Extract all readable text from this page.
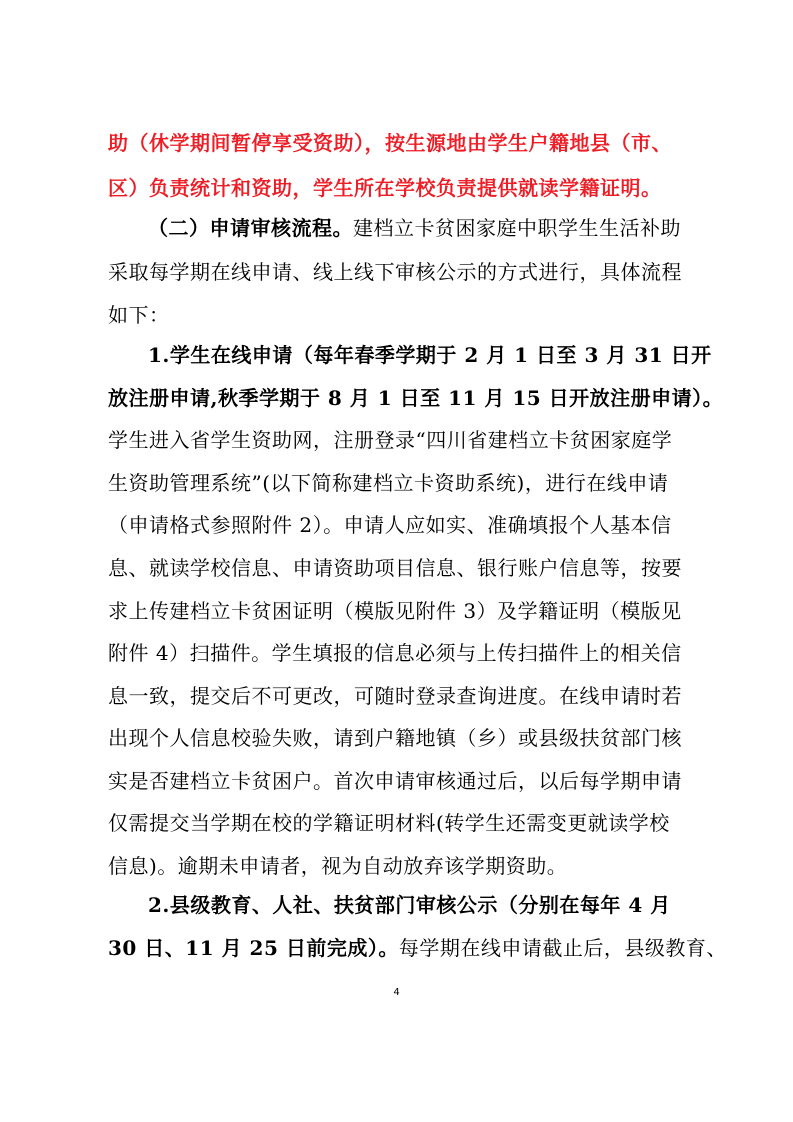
助（休学期间暂停享受资助），按生源地由学生户籍地县（市、
区）负责统计和资助，学生所在学校负责提供就读学籍证明。
（二）申请审核流程。建档立卡贫困家庭中职学生生活补助
采取每学期在线申请、线上线下审核公示的方式进行，具体流程
如下：
1.学生在线申请（每年春季学期于 2 月 1 日至 3 月 31 日开
放注册申请,秋季学期于 8 月 1 日至 11 月 15 日开放注册申请）。
学生进入省学生资助网，注册登录“四川省建档立卡贫困家庭学
生资助管理系统”(以下简称建档立卡资助系统)，进行在线申请
（申请格式参照附件 2）。申请人应如实、准确填报个人基本信
息、就读学校信息、申请资助项目信息、银行账户信息等，按要
求上传建档立卡贫困证明（模版见附件 3）及学籍证明（模版见
附件 4）扫描件。学生填报的信息必须与上传扫描件上的相关信
息一致，提交后不可更改，可随时登录查询进度。在线申请时若
出现个人信息校验失败，请到户籍地镇（乡）或县级扶贫部门核
实是否建档立卡贫困户。首次申请审核通过后，以后每学期申请
仅需提交当学期在校的学籍证明材料(转学生还需变更就读学校
信息)。逾期未申请者，视为自动放弃该学期资助。
2.县级教育、人社、扶贫部门审核公示（分别在每年 4 月
30 日、11 月 25 日前完成）。每学期在线申请截止后，县级教育、
4
